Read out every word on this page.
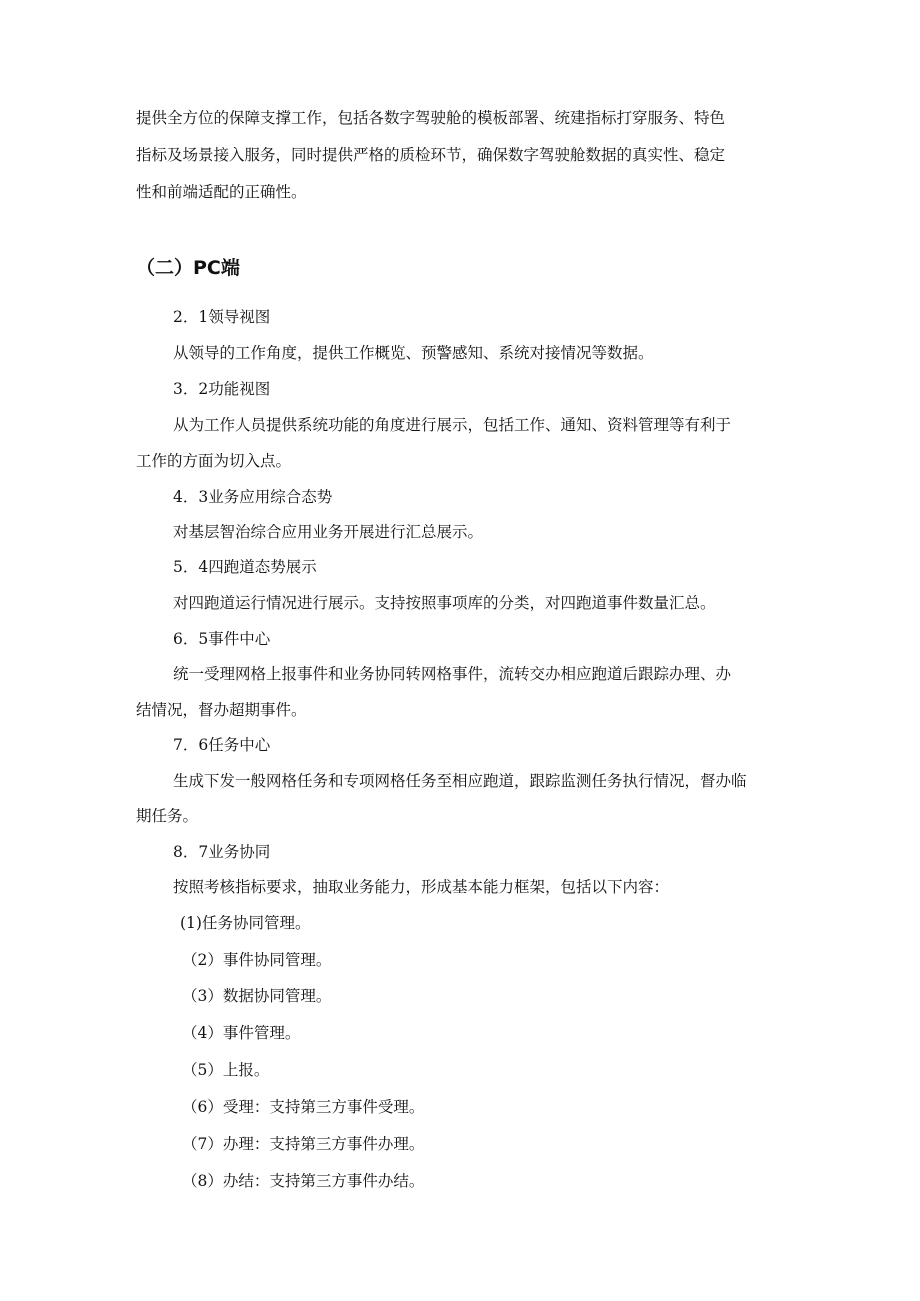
提供全方位的保障支撑工作，包括各数字驾驶舱的模板部署、统建指标打穿服务、特色
指标及场景接入服务，同时提供严格的质检环节，确保数字驾驶舱数据的真实性、稳定
性和前端适配的正确性。
（二）PC端
2．1领导视图
从领导的工作角度，提供工作概览、预警感知、系统对接情况等数据。
3．2功能视图
从为工作人员提供系统功能的角度进行展示，包括工作、通知、资料管理等有利于
工作的方面为切入点。
4．3业务应用综合态势
对基层智治综合应用业务开展进行汇总展示。
5．4四跑道态势展示
对四跑道运行情况进行展示。支持按照事项库的分类，对四跑道事件数量汇总。
6．5事件中心
统一受理网格上报事件和业务协同转网格事件，流转交办相应跑道后跟踪办理、办
结情况，督办超期事件。
7．6任务中心
生成下发一般网格任务和专项网格任务至相应跑道，跟踪监测任务执行情况，督办临
期任务。
8．7业务协同
按照考核指标要求，抽取业务能力，形成基本能力框架，包括以下内容：
(1)任务协同管理。
（2）事件协同管理。
（3）数据协同管理。
（4）事件管理。
（5）上报。
（6）受理：支持第三方事件受理。
（7）办理：支持第三方事件办理。
（8）办结：支持第三方事件办结。
